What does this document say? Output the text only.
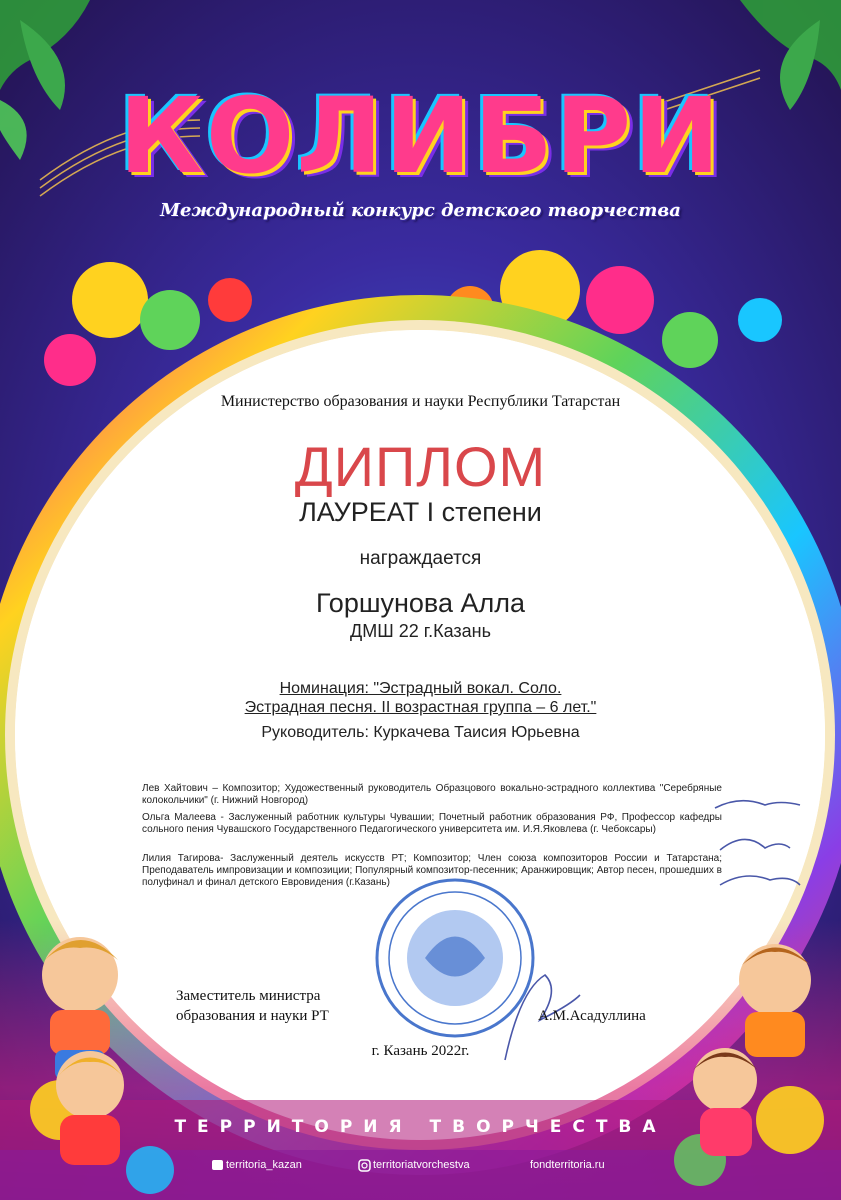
КОЛИБРИ
Международный конкурс детского творчества
Министерство образования и науки Республики Татарстан
ДИПЛОМ
ЛАУРЕАТ I степени
награждается
Горшунова Алла
ДМШ 22 г.Казань
Номинация: "Эстрадный вокал. Соло.
Эстрадная песня. II возрастная группа – 6 лет."
Руководитель: Куркачева Таисия Юрьевна
Лев Хайтович – Композитор; Художественный руководитель Образцового вокально-эстрадного коллектива "Серебряные колокольчики" (г. Нижний Новгород)
Ольга Малеева - Заслуженный работник культуры Чувашии; Почетный работник образования РФ, Профессор кафедры сольного пения Чувашского Государственного Педагогического университета им. И.Я.Яковлева (г. Чебоксары)
Лилия Тагирова- Заслуженный деятель искусств РТ; Композитор; Член союза композиторов России и Татарстана; Преподаватель импровизации и композиции; Популярный композитор-песенник; Аранжировщик; Автор песен, прошедших в полуфинал и финал детского Евровидения (г.Казань)
Заместитель министра
образования и науки РТ	А.М.Асадуллина
г. Казань 2022г.
ТЕРРИТОРИЯ ТВОРЧЕСТВА
territoria_kazan	territoriatvorchestva	fondterritoria.ru
